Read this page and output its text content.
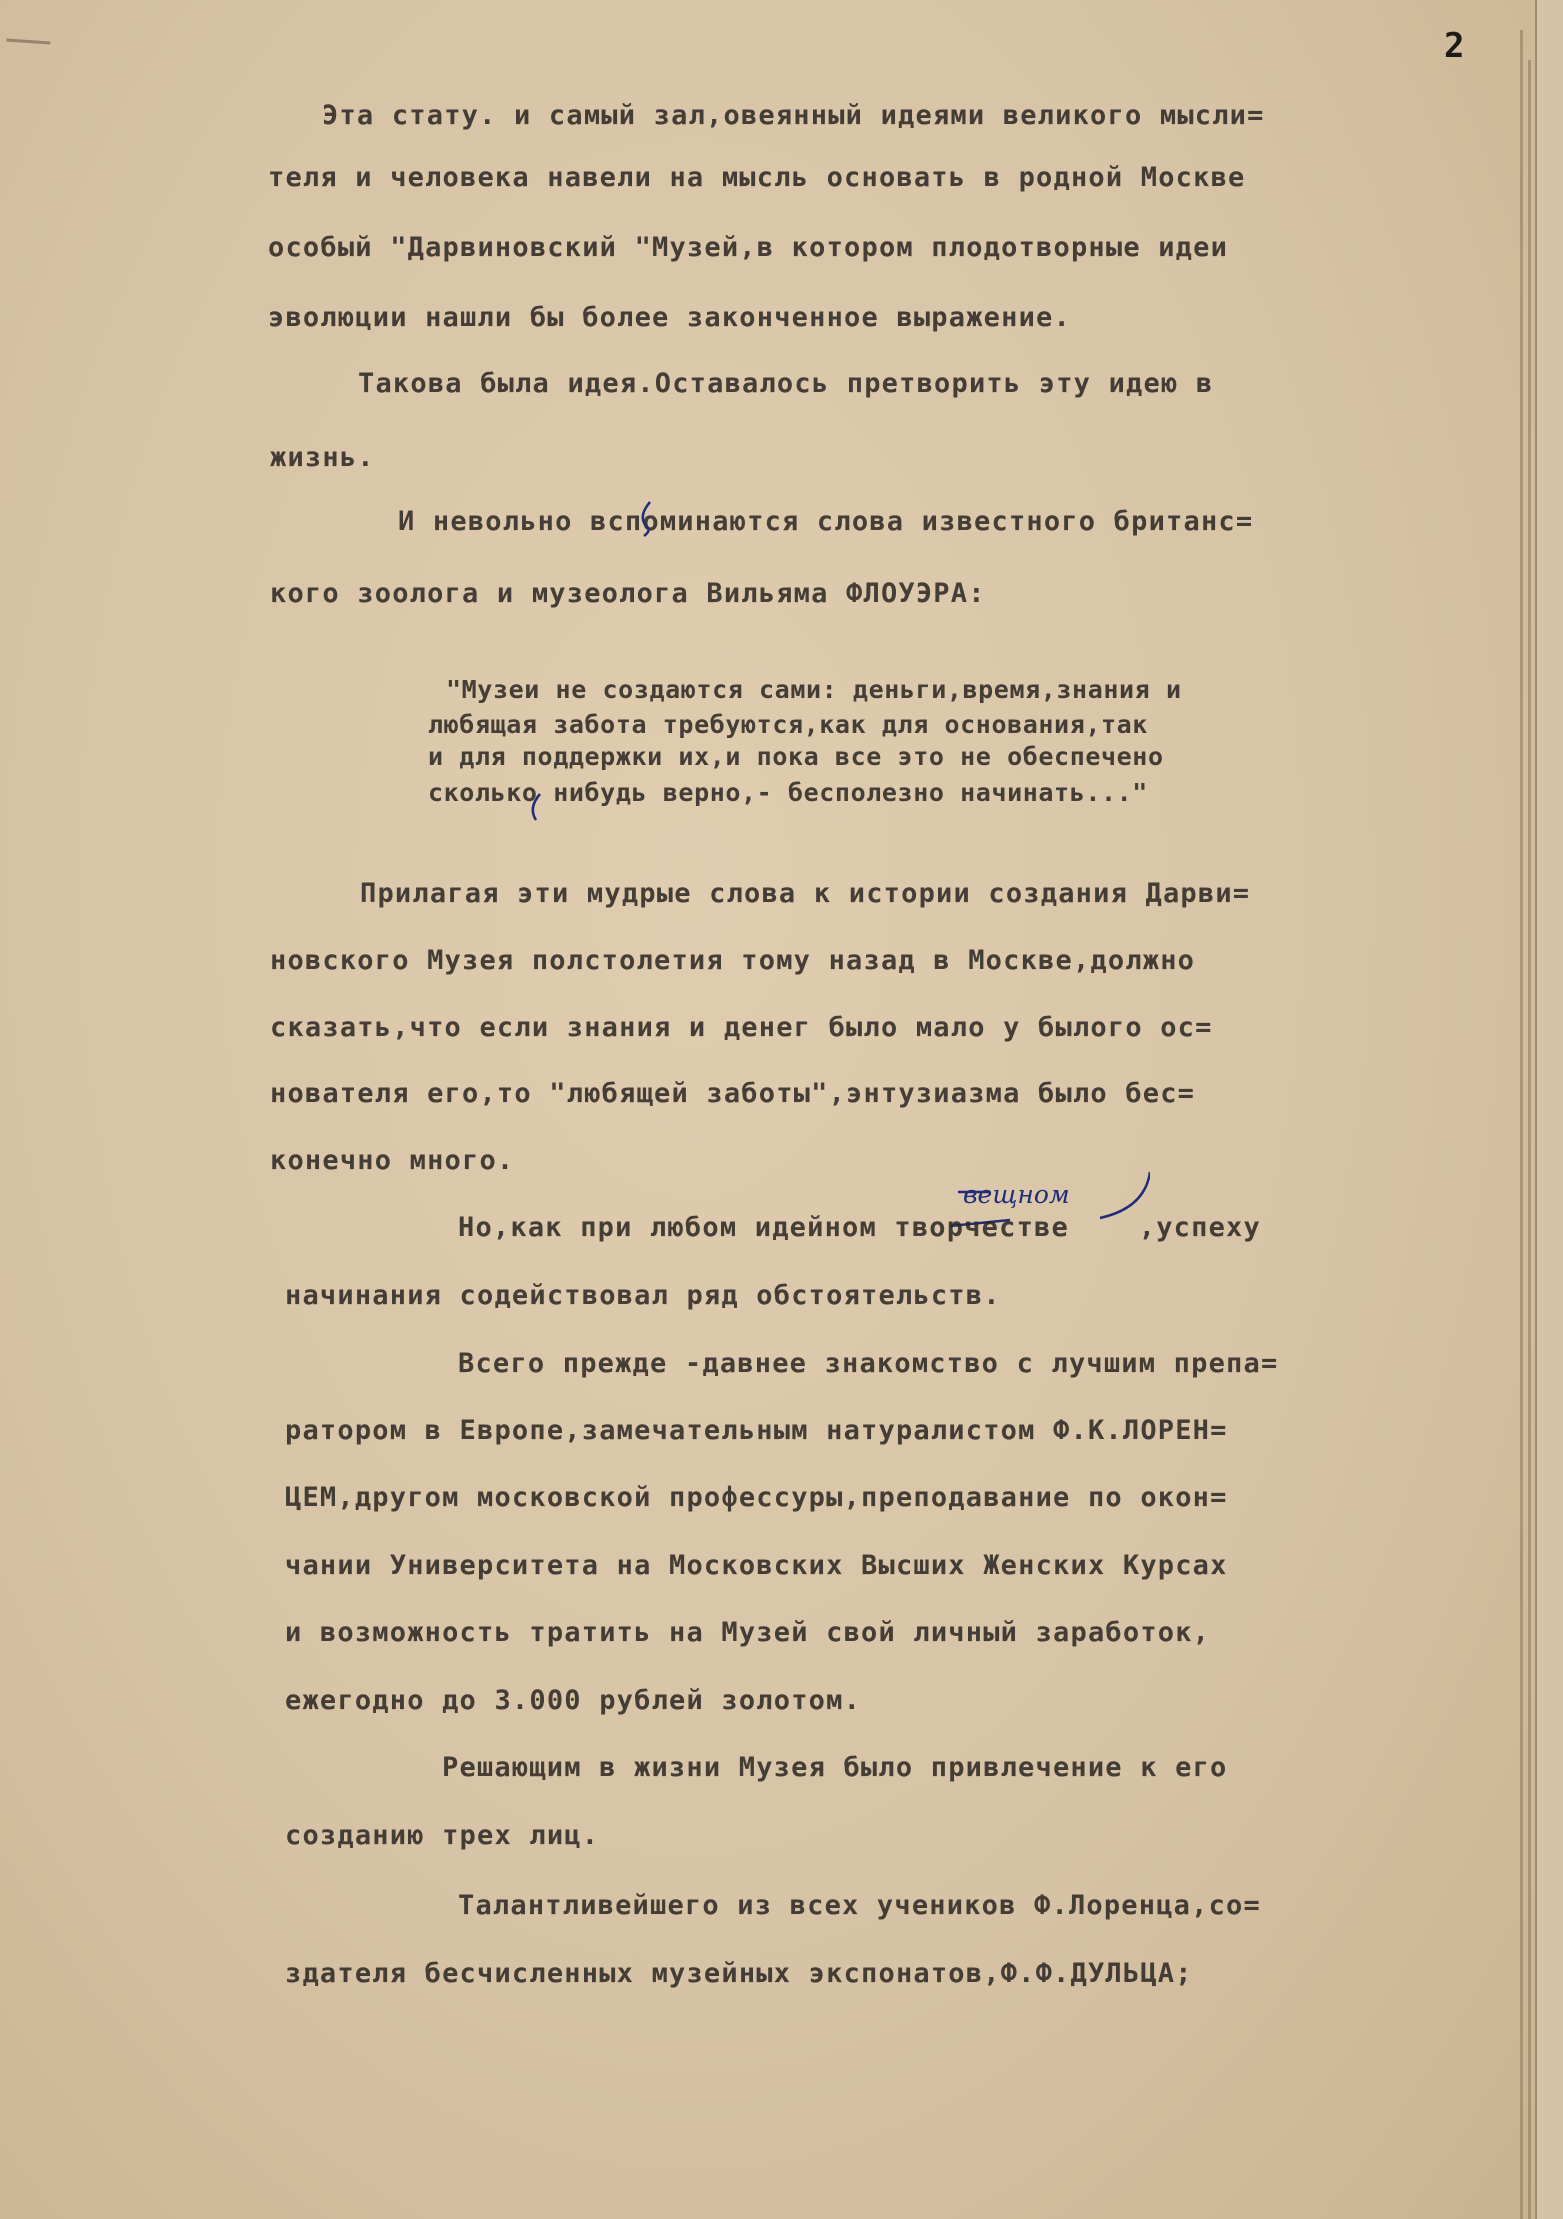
2
Эта стату. и самый зал,овеянный идеями великого мысли=
теля и человека навели на мысль основать в родной Москве
особый "Дарвиновский "Музей,в котором плодотворные идеи
эволюции нашли бы более законченное выражение.
Такова была идея.Оставалось претворить эту идею в
жизнь.
И невольно вспоминаются слова известного британс=
кого зоолога и музеолога Вильяма ФЛОУЭРА:
"Музеи не создаются сами: деньги,время,знания и
любящая забота требуются,как для основания,так
и для поддержки их,и пока все это не обеспечено
сколько нибудь верно,- бесполезно начинать..."
Прилагая эти мудрые слова к истории создания Дарви=
новского Музея полстолетия тому назад в Москве,должно
сказать,что если знания и денег было мало у былого ос=
нователя его,то "любящей заботы",энтузиазма было бес=
конечно много.
вещном
Но,как при любом идейном творчестве    ,успеху
начинания содействовал ряд обстоятельств.
Всего прежде -давнее знакомство с лучшим препа=
ратором в Европе,замечательным натуралистом Ф.К.ЛОРЕН=
ЦЕМ,другом московской профессуры,преподавание по окон=
чании Университета на Московских Высших Женских Курсах
и возможность тратить на Музей свой личный заработок,
ежегодно до 3.000 рублей золотом.
Решающим в жизни Музея было привлечение к его
созданию трех лиц.
Талантливейшего из всех учеников Ф.Лоренца,со=
здателя бесчисленных музейных экспонатов,Ф.Ф.ДУЛЬЦА;
